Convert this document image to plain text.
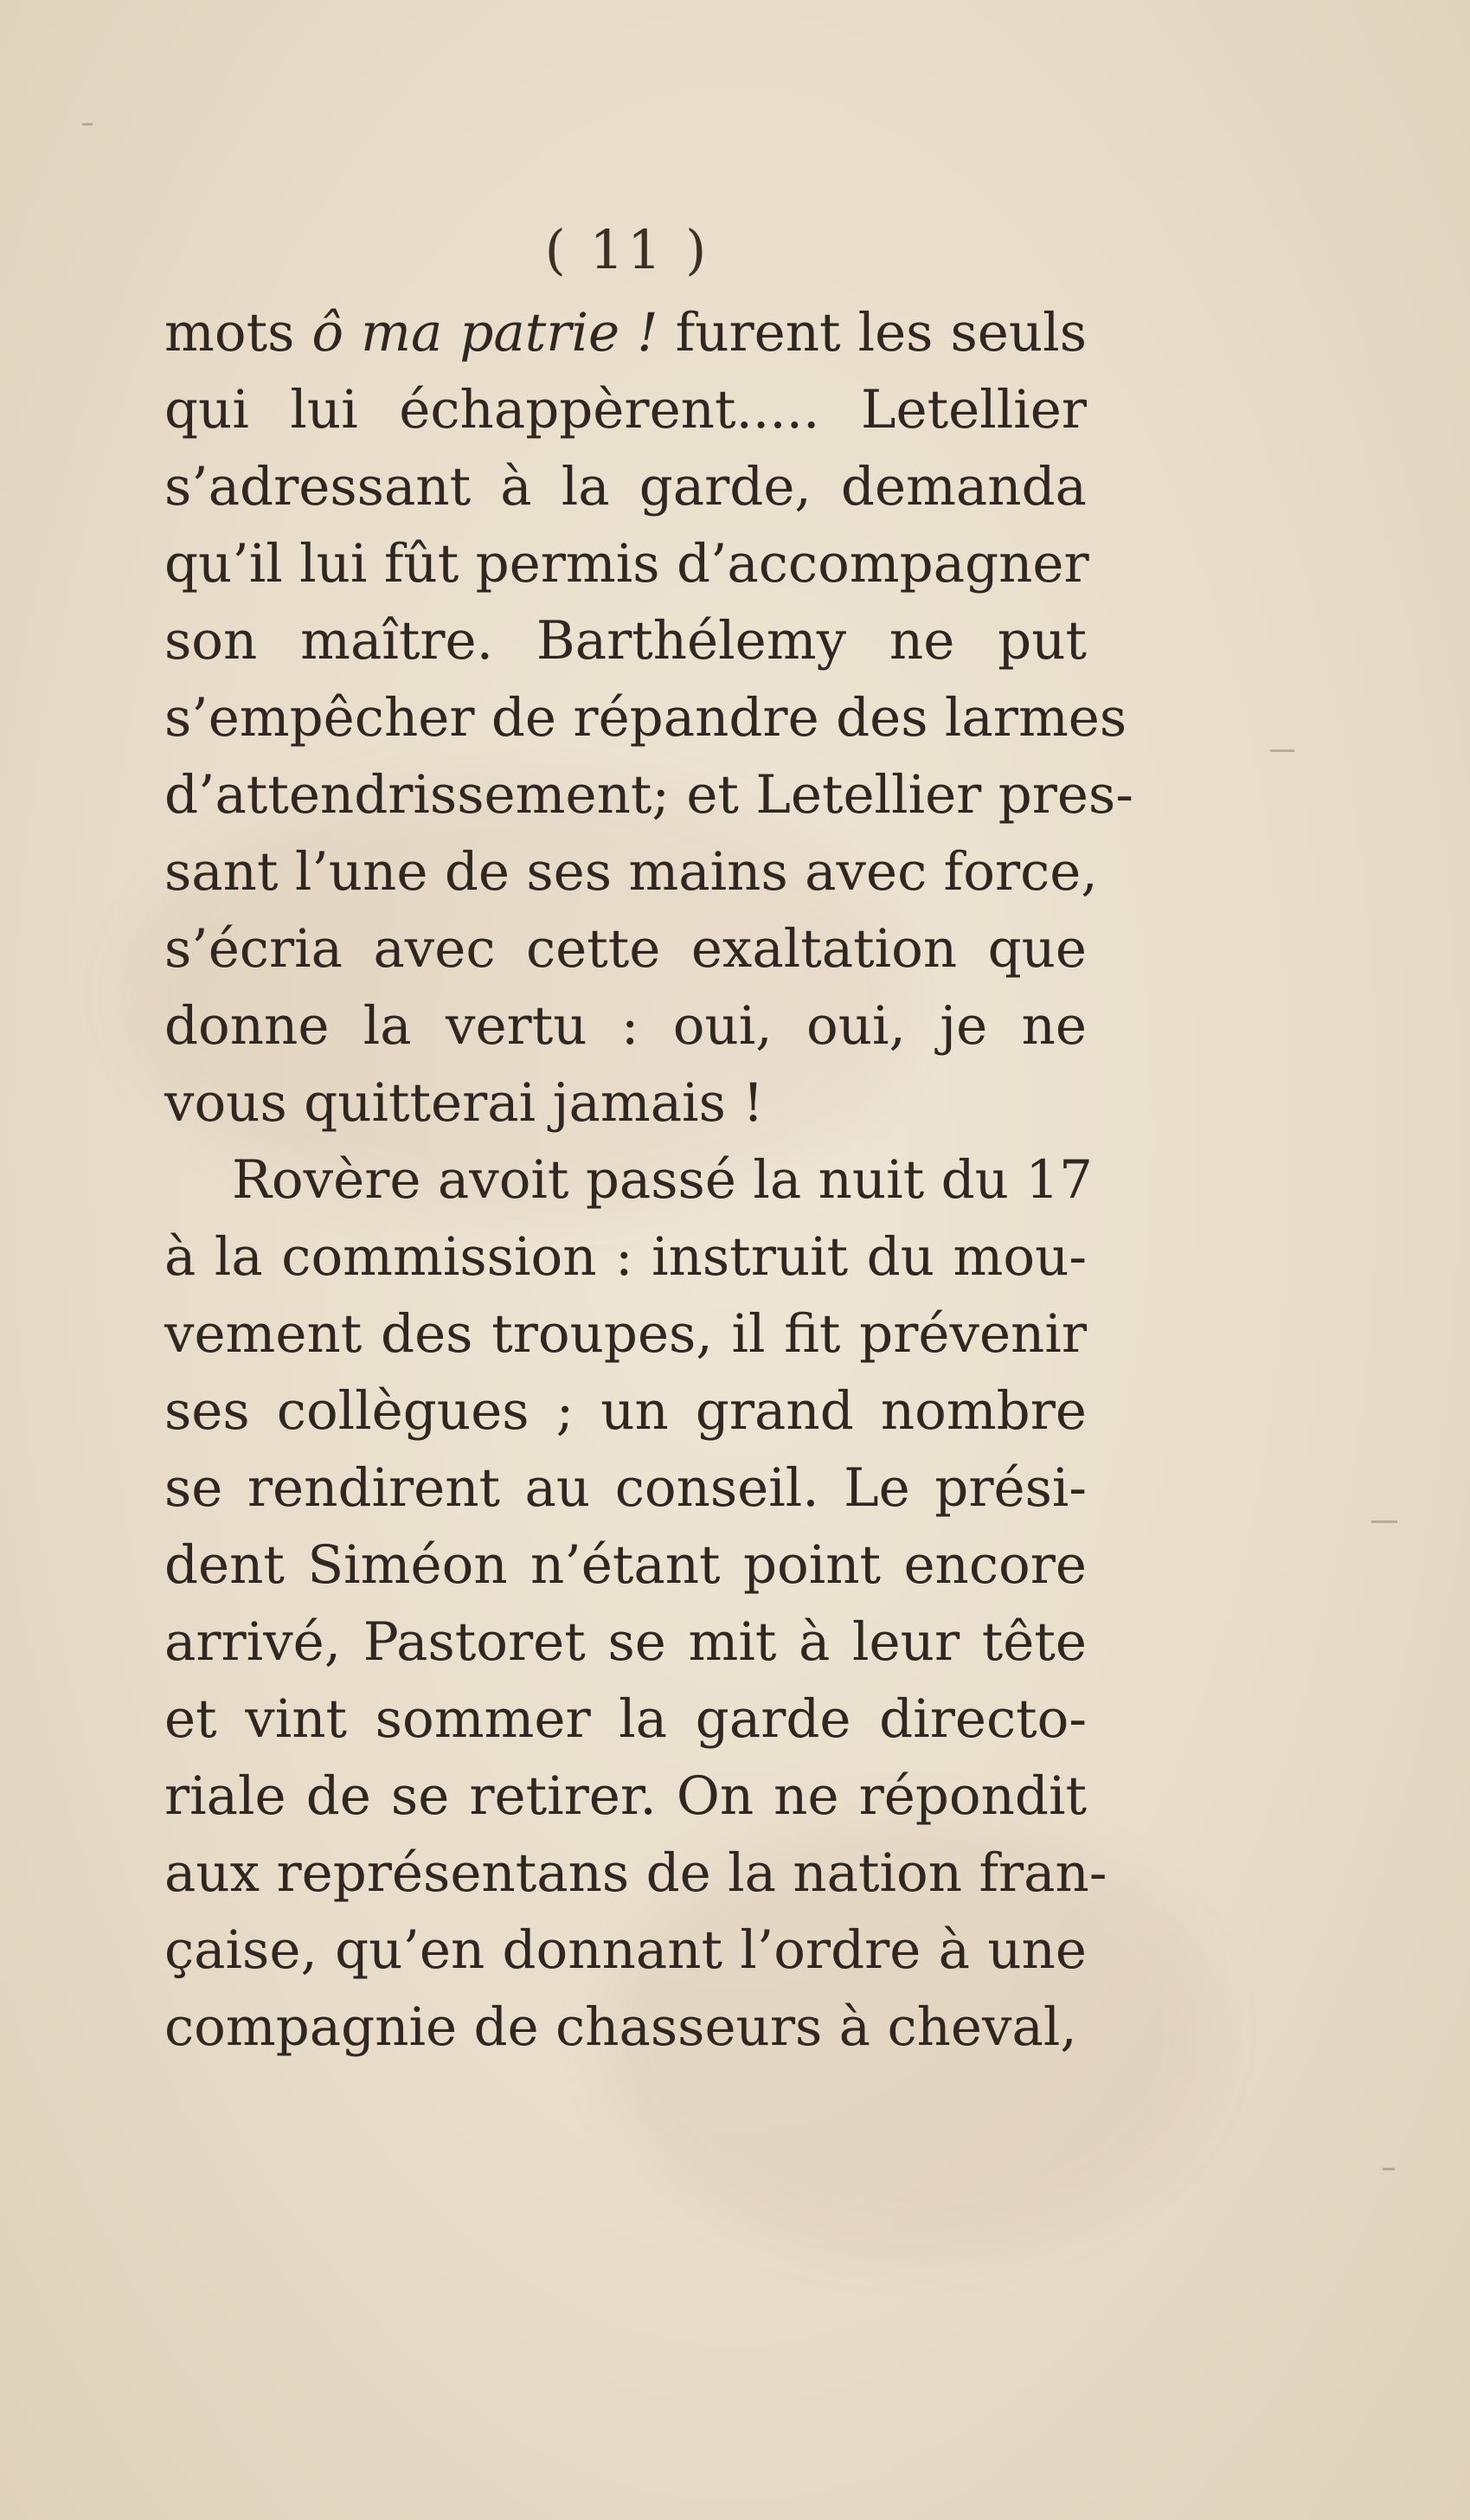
( 11 )
mots ô ma patrie ! furent les seuls
qui lui échappèrent..... Letellier
s’adressant à la garde, demanda
qu’il lui fût permis d’accompagner
son maître. Barthélemy ne put
s’empêcher de répandre des larmes
d’attendrissement; et Letellier pres-
sant l’une de ses mains avec force,
s’écria avec cette exaltation que
donne la vertu : oui, oui, je ne
vous quitterai jamais !
Rovère avoit passé la nuit du 17
à la commission : instruit du mou-
vement des troupes, il fit prévenir
ses collègues ; un grand nombre
se rendirent au conseil. Le prési-
dent Siméon n’étant point encore
arrivé, Pastoret se mit à leur tête
et vint sommer la garde directo-
riale de se retirer. On ne répondit
aux représentans de la nation fran-
çaise, qu’en donnant l’ordre à une
compagnie de chasseurs à cheval,
